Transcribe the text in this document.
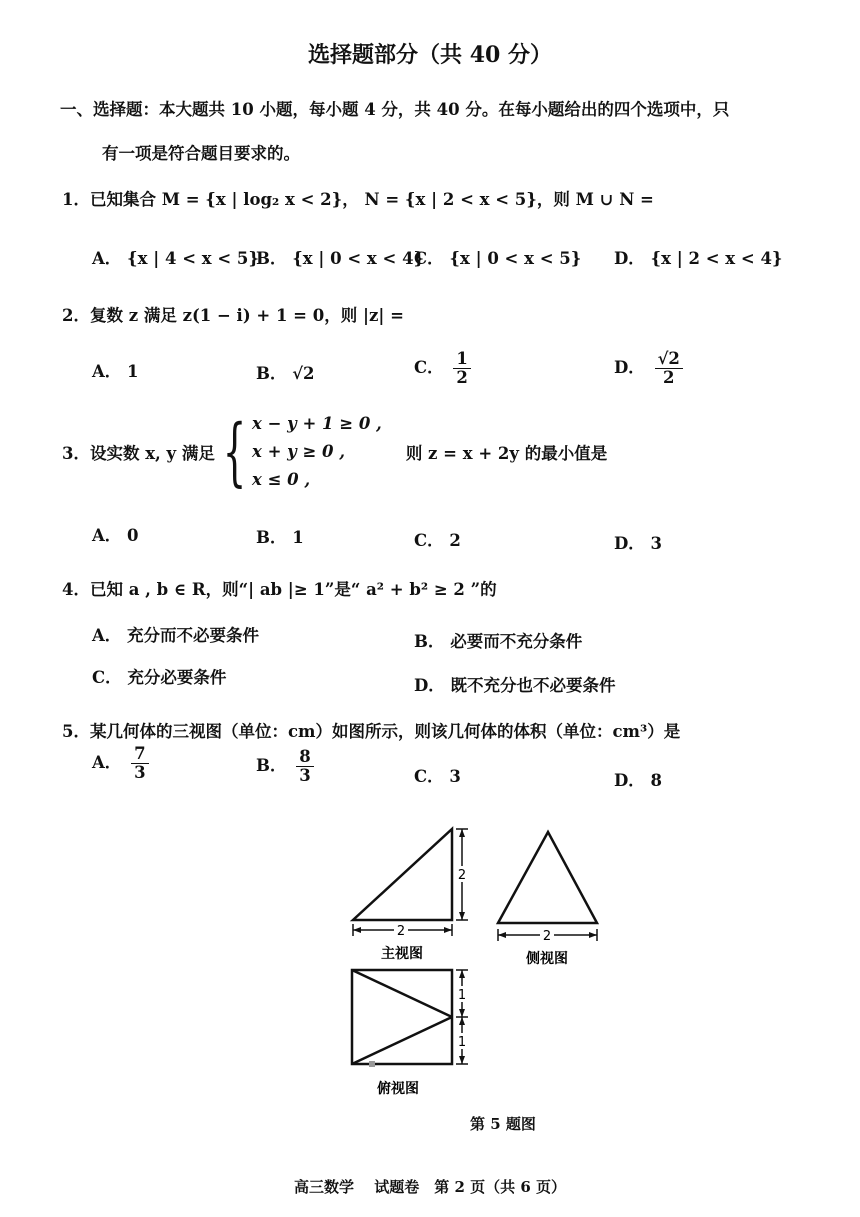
选择题部分（共 40 分）
一、选择题：本大题共 10 小题，每小题 4 分，共 40 分。在每小题给出的四个选项中，只
有一项是符合题目要求的。
1．已知集合 M = {x | log₂ x < 2}， N = {x | 2 < x < 5}，则 M ∪ N =
A． {x | 4 < x < 5}
B． {x | 0 < x < 4}
C． {x | 0 < x < 5} D． {x | 2 < x < 4}
2．复数 z 满足 z(1 − i) + 1 = 0，则 |z| =
A． 1	B． √2	C． $\frac{1}{2}$	D． $\frac{√2}{2}$
3．设实数 x, y 满足 { x − y + 1 ≥ 0 ,
x + y ≥ 0 ,
x ≤ 0 ,
则 z = x + 2y 的最小值是
A． 0	B． 1	C． 2	D． 3
4．已知 a , b ∈ R，则“| ab |≥ 1”是“ a² + b² ≥ 2 ”的
A． 充分而不必要条件	B． 必要而不充分条件
C． 充分必要条件	D． 既不充分也不必要条件
5．某几何体的三视图（单位：cm）如图所示，则该几何体的体积（单位：cm³）是
A． $\frac{7}{3}$	B． $\frac{8}{3}$	C． 3	D． 8
2
2
主视图
2
侧视图
1
1
俯视图
第 5 题图
高三数学　 试题卷　第 2 页（共 6 页）
